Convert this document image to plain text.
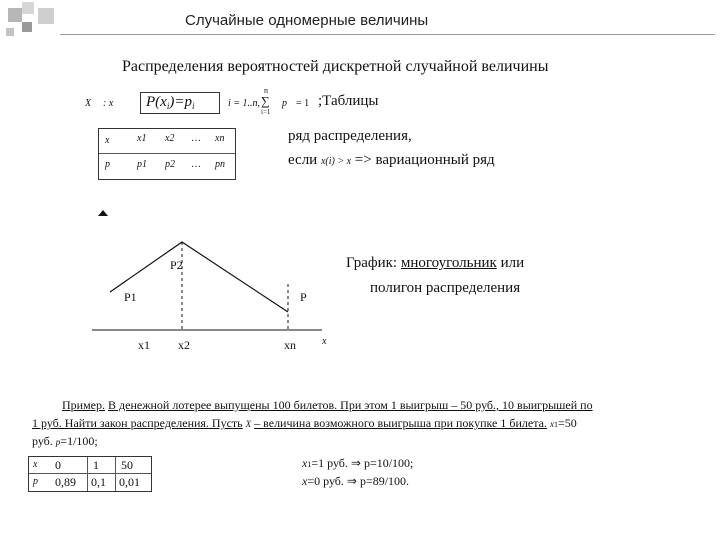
Случайные одномерные величины
Распределения вероятностей дискретной случайной величины
X : x $P(x_i)=p_i$	i = 1..n,
n
∑
i=1
p = 1 ;Таблицы
x	x1 x2 … xn
p	p1 p2 … pn
ряд распределения,
если x(i) > x => вариационный ряд
P1
P2
P
x1 x2	xn	x
График: многоугольник или
полигон распределения
Пример. В денежной лотерее выпущены 100 билетов. При этом 1 выигрыш – 50 руб., 10 выигрышей по
1 руб. Найти закон распределения. Пусть X – величина возможного выигрыша при покупке 1 билета. x1=50
руб. p=1/100;
x 0	1 50
p 0,89 0,1 0,01
x1=1 руб. ⇒ p=10/100;
x=0 руб. ⇒ p=89/100.
